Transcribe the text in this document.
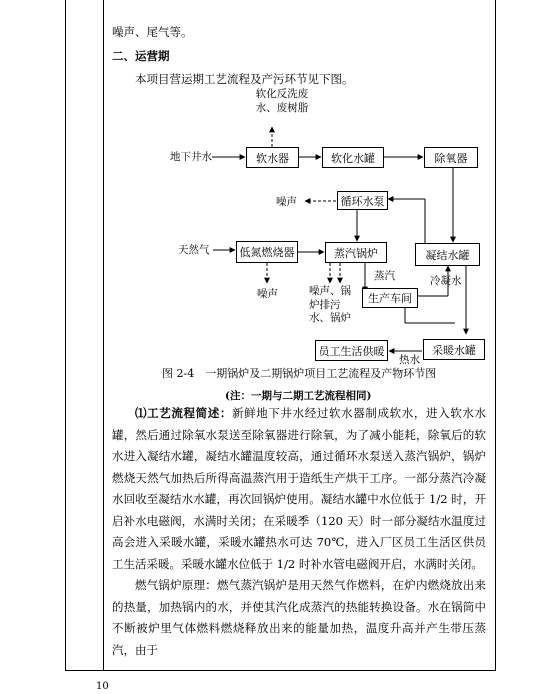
噪声、尾气等。
二、运营期
本项目营运期工艺流程及产污环节见下图。
软水器	软化水罐	除氧器
循环水泵
低氮燃烧器	蒸汽锅炉	凝结水罐
生产车间
采暖水罐
员工生活供暖
软化反洗废水、废树脂
地下井水
噪声
天然气
噪声	噪声、锅炉排污水、锅炉
蒸汽	冷凝水
热水
图 2-4　一期锅炉及二期锅炉项目工艺流程及产物环节图
(注：一期与二期工艺流程相同)
⑴工艺流程简述：新鲜地下井水经过软水器制成软水，进入软水水罐，然后通过除氧水泵送至除氧器进行除氧，为了减小能耗，除氧后的软水进入凝结水罐，凝结水罐温度较高，通过循环水泵送入蒸汽锅炉，锅炉燃烧天然气加热后所得高温蒸汽用于造纸生产烘干工序。一部分蒸汽冷凝水回收至凝结水水罐，再次回锅炉使用。凝结水罐中水位低于 1/2 时，开启补水电磁阀，水满时关闭；在采暖季（120 天）时一部分凝结水温度过高会进入采暖水罐，采暖水罐热水可达 70℃，进入厂区员工生活区供员工生活采暖。采暖水罐水位低于 1/2 时补水管电磁阀开启，水满时关闭。
燃气锅炉原理：燃气蒸汽锅炉是用天然气作燃料，在炉内燃烧放出来的热量，加热锅内的水，并使其汽化成蒸汽的热能转换设备。水在锅筒中不断被炉里气体燃料燃烧释放出来的能量加热，温度升高并产生带压蒸汽，由于
10
